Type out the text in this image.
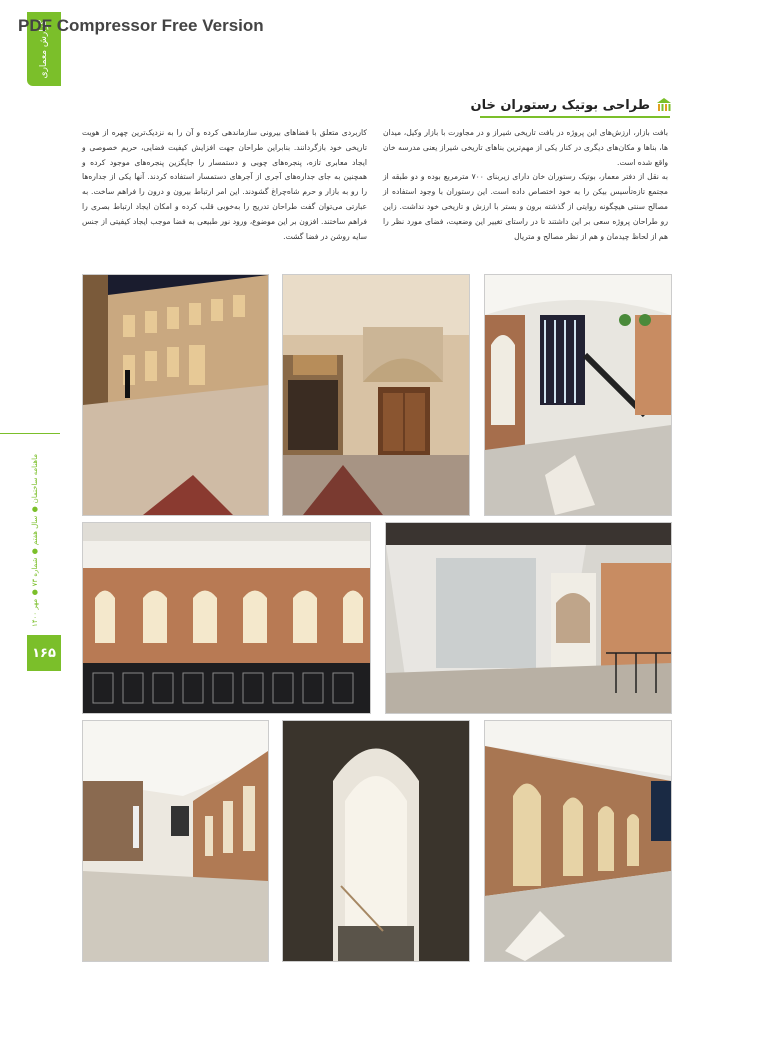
گزارش معماری
PDF Compressor Free Version
ماهنامه ساختمان ● سال هفتم ● شماره ۷۳ ● مهر ۱۴۰۰
۱۶۵
طراحی بوتیک رستوران خان

بافت بازار، ارزش‌های این پروژه در بافت تاریخی شیراز و در مجاورت با بازار وکیل، میدان ها، بناها و مکان‌های دیگری در کنار یکی از مهم‌ترین بناهای تاریخی شیراز یعنی مدرسه خان واقع شده است.

به نقل از دفتر معمار، بوتیک رستوران خان دارای زیربنای ۷۰۰ مترمربع بوده و دو طبقه از مجتمع تازه‌تأسیس بیکن را به خود اختصاص داده است. این رستوران با وجود استفاده از مصالح سنتی هیچگونه روایتی از گذشته برون و بستر با ارزش و تاریخی خود نداشت. زاین رو طراحان پروژه سعی بر این داشتند تا در راستای تغییر این وضعیت، فضای مورد نظر را هم از لحاظ چیدمان و هم از نظر مصالح و متریال

کاربردی متعلق با فضاهای بیرونی سازماندهی کرده و آن را به نزدیک‌ترین چهره از هویت تاریخی خود بازگردانند. بنابراین طراحان جهت افزایش کیفیت فضایی، حریم خصوصی و ایجاد معابری تازه، پنجره‌های چوبی و دستمسار را جایگزین پنجره‌های موجود کرده و همچنین به جای جداره‌های آجری از آجرهای دستمسار استفاده کردند. آنها یکی از جداره‌ها را رو به بازار و حرم شاه‌چراغ گشودند. این امر ارتباط بیرون و درون را فراهم ساخت. به عبارتی می‌توان گفت طراحان تدریج را به‌خوبی قلب کرده و امکان ایجاد ارتباط بصری را فراهم ساختند. افزون بر این موضوع، ورود نور طبیعی به فضا موجب ایجاد کیفیتی از جنس سایه روشن در فضا گشت.
